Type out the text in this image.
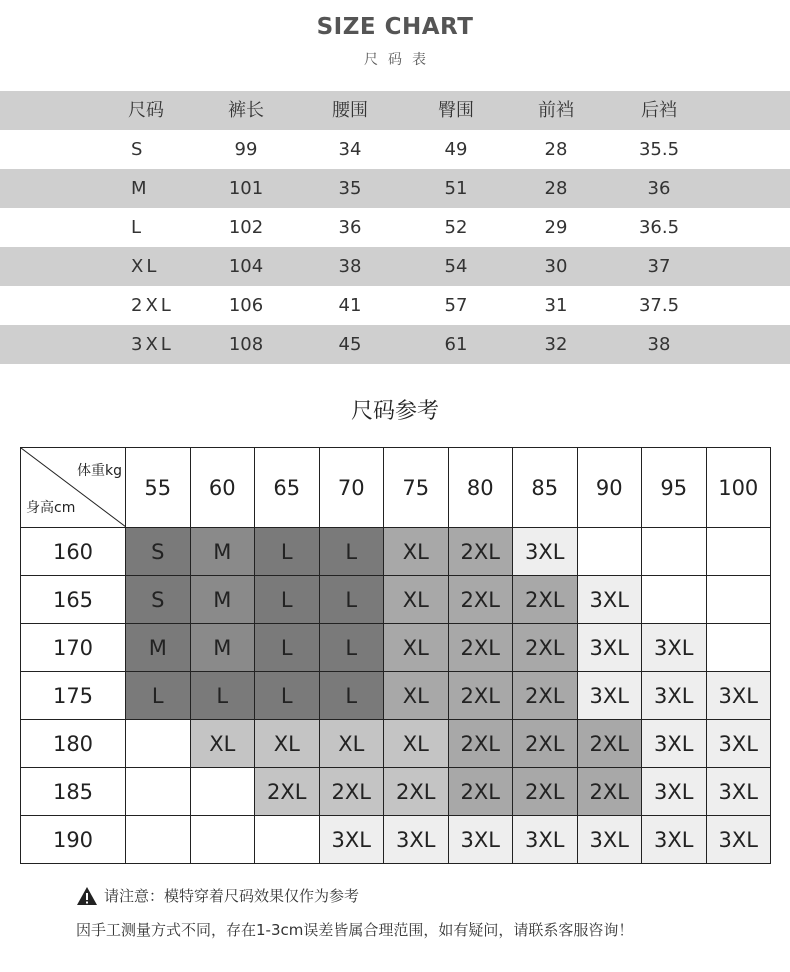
SIZE CHART
尺码表
尺码	裤长	腰围	臀围	前裆	后裆
S	99	34	49	28	35.5
M	101	35	51	28	36
L	102	36	52	29	36.5
XL	104	38	54	30	37
2XL	106	41	57	31	37.5
3XL	108	45	61	32	38
尺码参考
体重kg
身高cm	55	60	65	70	75	80	85	90	95	100
160	S	M	L	L	XL	2XL	3XL			
165	S	M	L	L	XL	2XL	2XL	3XL		
170	M	M	L	L	XL	2XL	2XL	3XL	3XL	
175	L	L	L	L	XL	2XL	2XL	3XL	3XL	3XL
180		XL	XL	XL	XL	2XL	2XL	2XL	3XL	3XL
185			2XL	2XL	2XL	2XL	2XL	2XL	3XL	3XL
190				3XL	3XL	3XL	3XL	3XL	3XL	3XL
请注意：模特穿着尺码效果仅作为参考
因手工测量方式不同，存在1-3cm误差皆属合理范围，如有疑问，请联系客服咨询！
